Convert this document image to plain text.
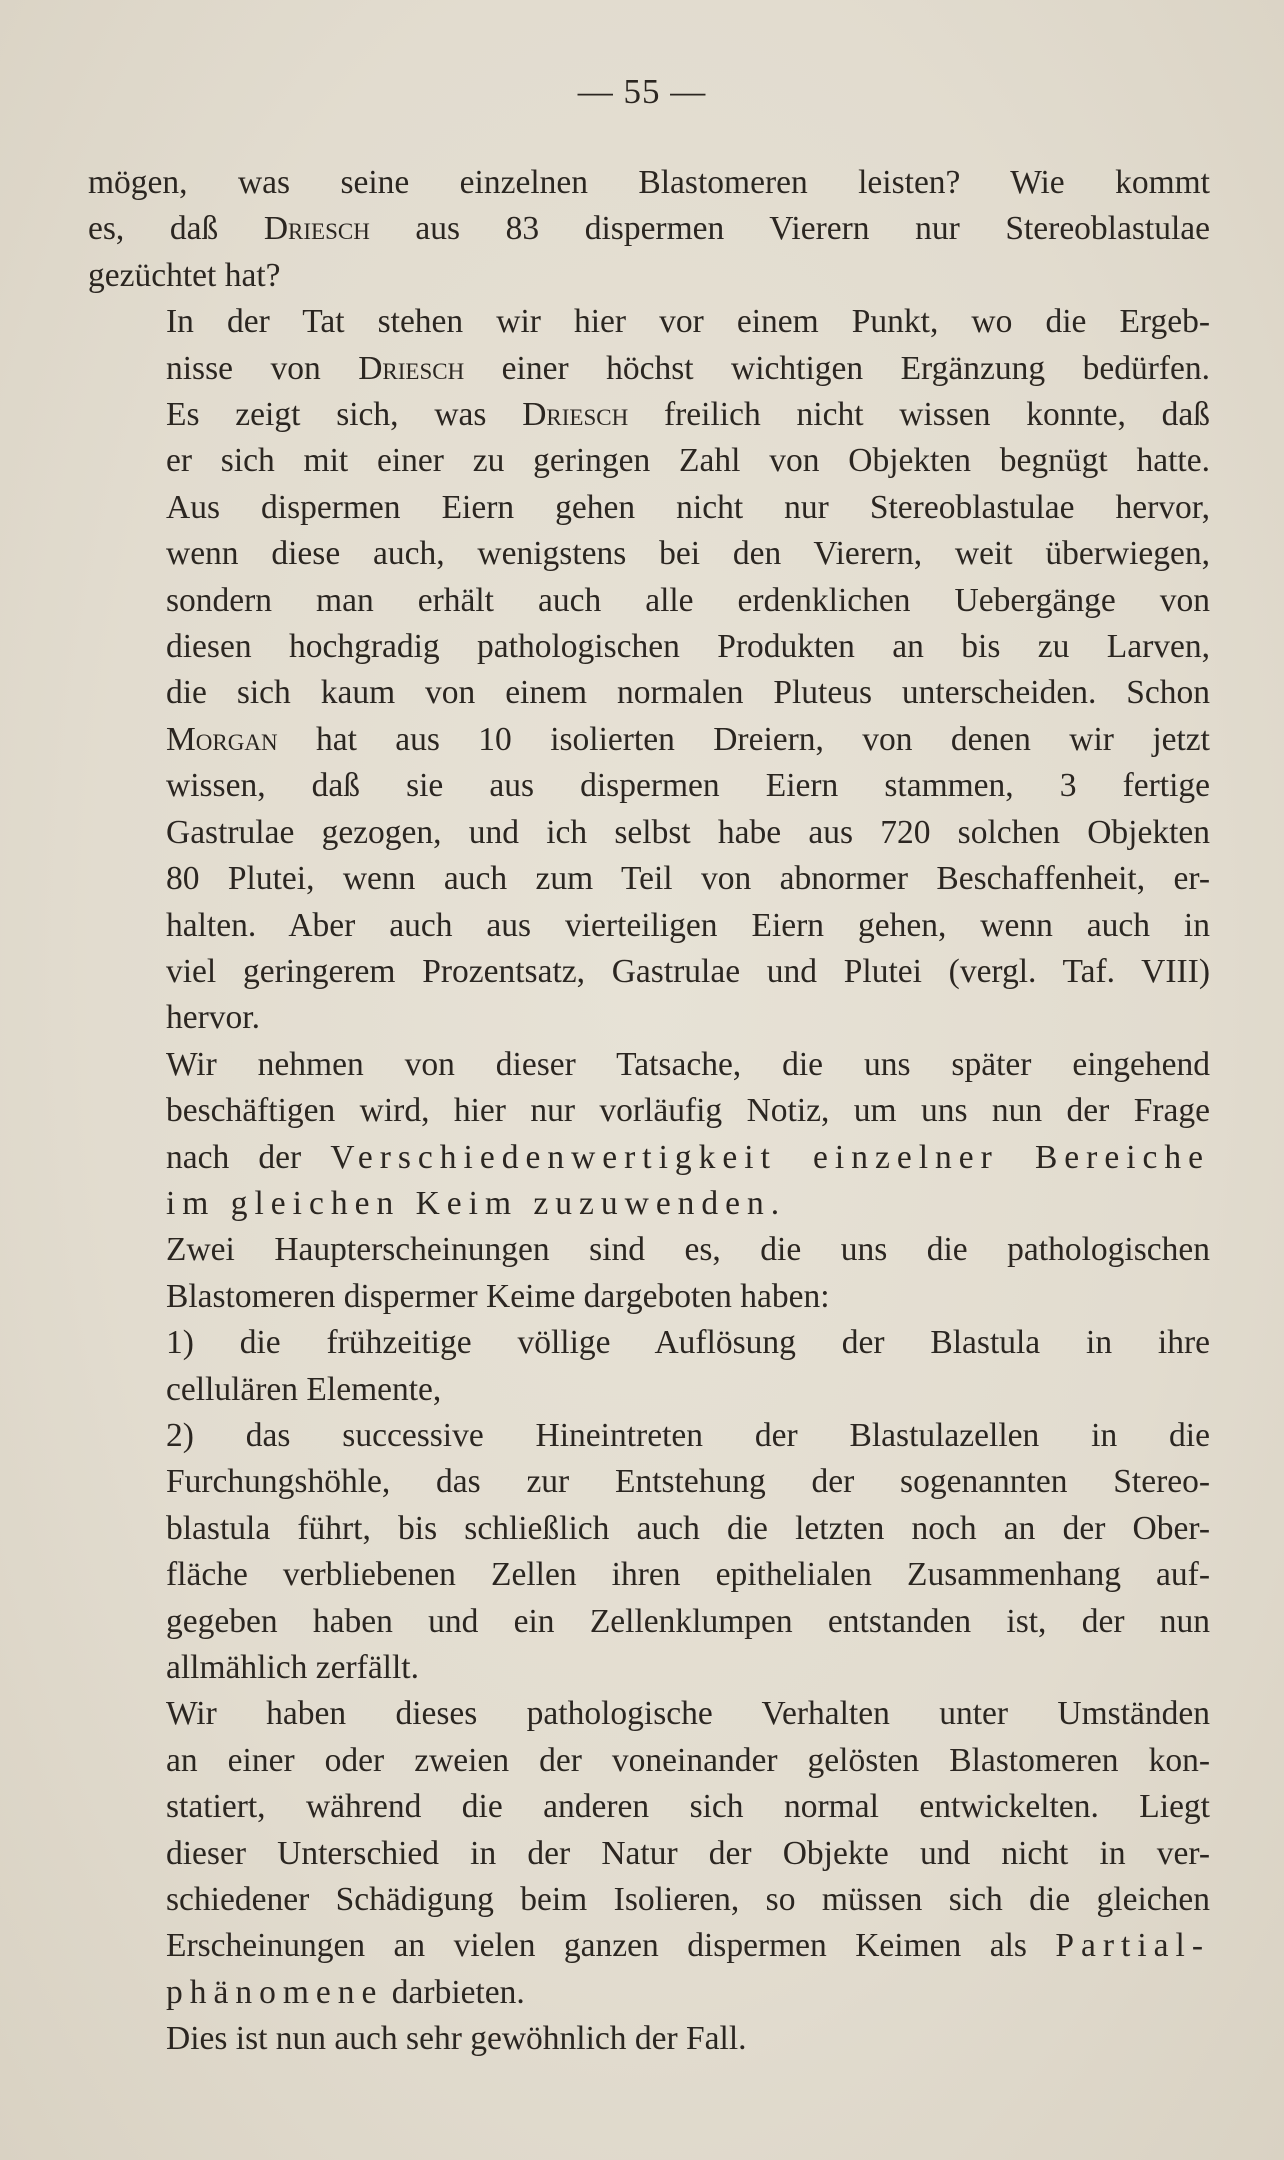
— 55 —

mögen, was seine einzelnen Blastomeren leisten? Wie kommt
es, daß Driesch aus 83 dispermen Vierern nur Stereoblastulae
gezüchtet hat?

In der Tat stehen wir hier vor einem Punkt, wo die Ergeb-
nisse von Driesch einer höchst wichtigen Ergänzung bedürfen.
Es zeigt sich, was Driesch freilich nicht wissen konnte, daß
er sich mit einer zu geringen Zahl von Objekten begnügt hatte.
Aus dispermen Eiern gehen nicht nur Stereoblastulae hervor,
wenn diese auch, wenigstens bei den Vierern, weit überwiegen,
sondern man erhält auch alle erdenklichen Uebergänge von
diesen hochgradig pathologischen Produkten an bis zu Larven,
die sich kaum von einem normalen Pluteus unterscheiden. Schon
Morgan hat aus 10 isolierten Dreiern, von denen wir jetzt
wissen, daß sie aus dispermen Eiern stammen, 3 fertige
Gastrulae gezogen, und ich selbst habe aus 720 solchen Objekten
80 Plutei, wenn auch zum Teil von abnormer Beschaffenheit, er-
halten. Aber auch aus vierteiligen Eiern gehen, wenn auch in
viel geringerem Prozentsatz, Gastrulae und Plutei (vergl. Taf. VIII)
hervor.

Wir nehmen von dieser Tatsache, die uns später eingehend
beschäftigen wird, hier nur vorläufig Notiz, um uns nun der Frage
nach der Verschiedenwertigkeit einzelner Bereiche
im gleichen Keim zuzuwenden.

Zwei Haupterscheinungen sind es, die uns die pathologischen
Blastomeren dispermer Keime dargeboten haben:

1) die frühzeitige völlige Auflösung der Blastula in ihre
cellulären Elemente,

2) das successive Hineintreten der Blastulazellen in die
Furchungshöhle, das zur Entstehung der sogenannten Stereo-
blastula führt, bis schließlich auch die letzten noch an der Ober-
fläche verbliebenen Zellen ihren epithelialen Zusammenhang auf-
gegeben haben und ein Zellenklumpen entstanden ist, der nun
allmählich zerfällt.

Wir haben dieses pathologische Verhalten unter Umständen
an einer oder zweien der voneinander gelösten Blastomeren kon-
statiert, während die anderen sich normal entwickelten. Liegt
dieser Unterschied in der Natur der Objekte und nicht in ver-
schiedener Schädigung beim Isolieren, so müssen sich die gleichen
Erscheinungen an vielen ganzen dispermen Keimen als Partial-
phänomene darbieten.

Dies ist nun auch sehr gewöhnlich der Fall.
